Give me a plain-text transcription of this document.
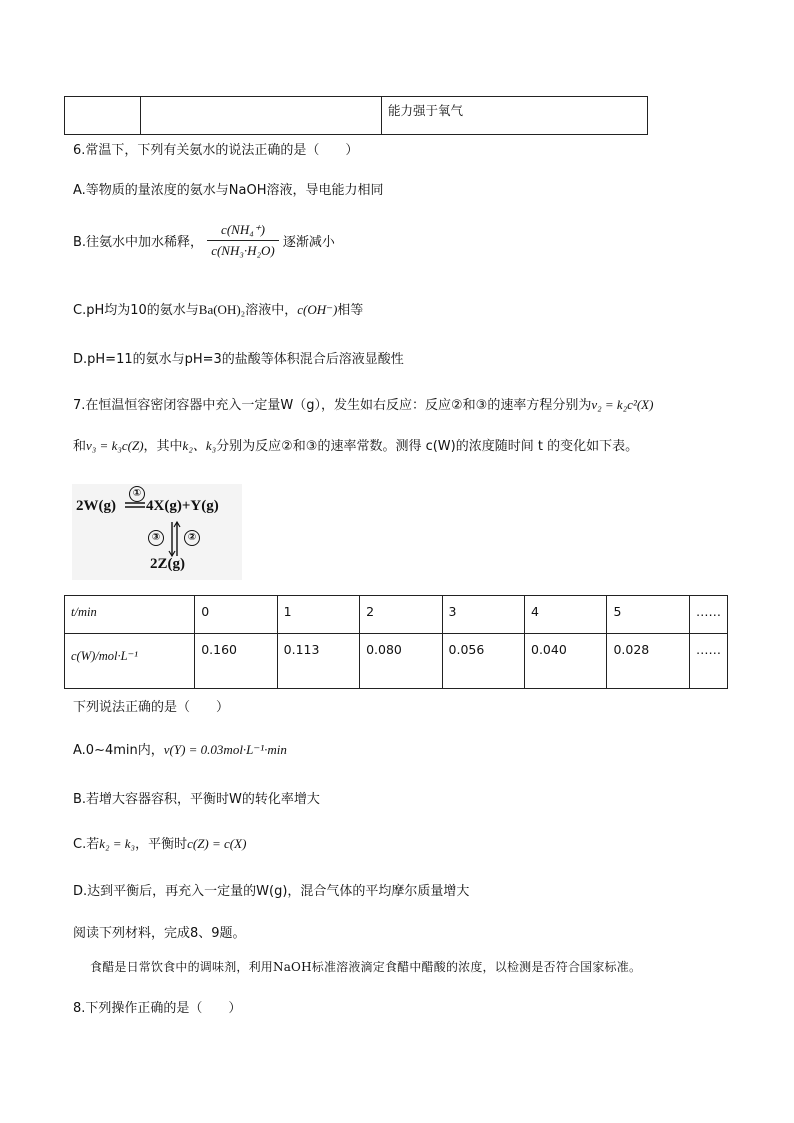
		能力强于氧气
6.常温下，下列有关氨水的说法正确的是（　　）
A.等物质的量浓度的氨水与NaOH溶液，导电能力相同
B.往氨水中加水稀释， $\frac{\text{c(NH₄⁺)}}{\text{c(NH₃·H₂O)}}$ 逐渐减小
C.pH均为10的氨水与Ba(OH)₂溶液中，c(OH⁻)相等
D.pH=11的氨水与pH=3的盐酸等体积混合后溶液显酸性
7.在恒温恒容密闭容器中充入一定量W（g），发生如右反应：反应②和③的速率方程分别为v₂ = k₂c²(X)
和v₃ = k₃c(Z)，其中k₂、k₃分别为反应②和③的速率常数。测得 c(W)的浓度随时间 t 的变化如下表。
2W(g)
①
4X(g)+Y(g)
③	②
2Z(g)
t/min	0	1	2	3	4	5	……
c(W)/mol·L⁻¹	0.160	0.113	0.080	0.056	0.040	0.028	……
下列说法正确的是（　　）
A.0~4min内，v(Y) = 0.03mol·L⁻¹·min
B.若增大容器容积，平衡时W的转化率增大
C.若k₂ = k₃，平衡时c(Z) = c(X)
D.达到平衡后，再充入一定量的W(g)，混合气体的平均摩尔质量增大
阅读下列材料，完成8、9题。
食醋是日常饮食中的调味剂，利用NaOH标准溶液滴定食醋中醋酸的浓度，以检测是否符合国家标准。
8.下列操作正确的是（　　）
